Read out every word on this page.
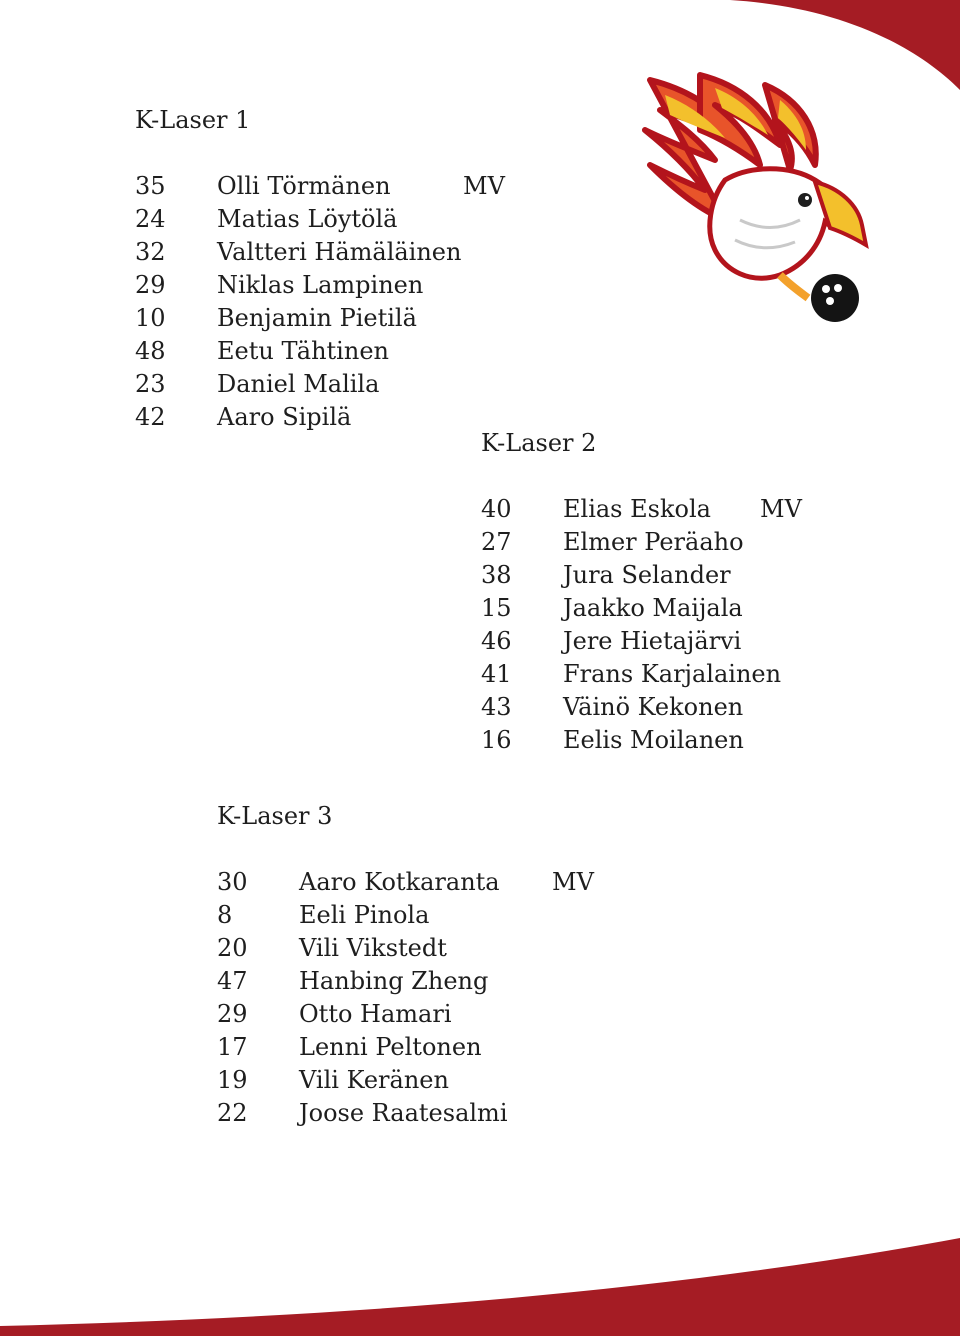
K-Laser 1
35 Olli Törmänen	MV
24 Matias Löytölä
32 Valtteri Hämäläinen
29 Niklas Lampinen
10 Benjamin Pietilä
48 Eetu Tähtinen
23 Daniel Malila
42 Aaro Sipilä
K-Laser 2
40 Elias Eskola MV
27 Elmer Peräaho
38 Jura Selander
15 Jaakko Maijala
46 Jere Hietajärvi
41 Frans Karjalainen
43 Väinö Kekonen
16 Eelis Moilanen
K-Laser 3
30 Aaro Kotkaranta MV
8	Eeli Pinola
20 Vili Vikstedt
47 Hanbing Zheng
29 Otto Hamari
17 Lenni Peltonen
19 Vili Keränen
22 Joose Raatesalmi
